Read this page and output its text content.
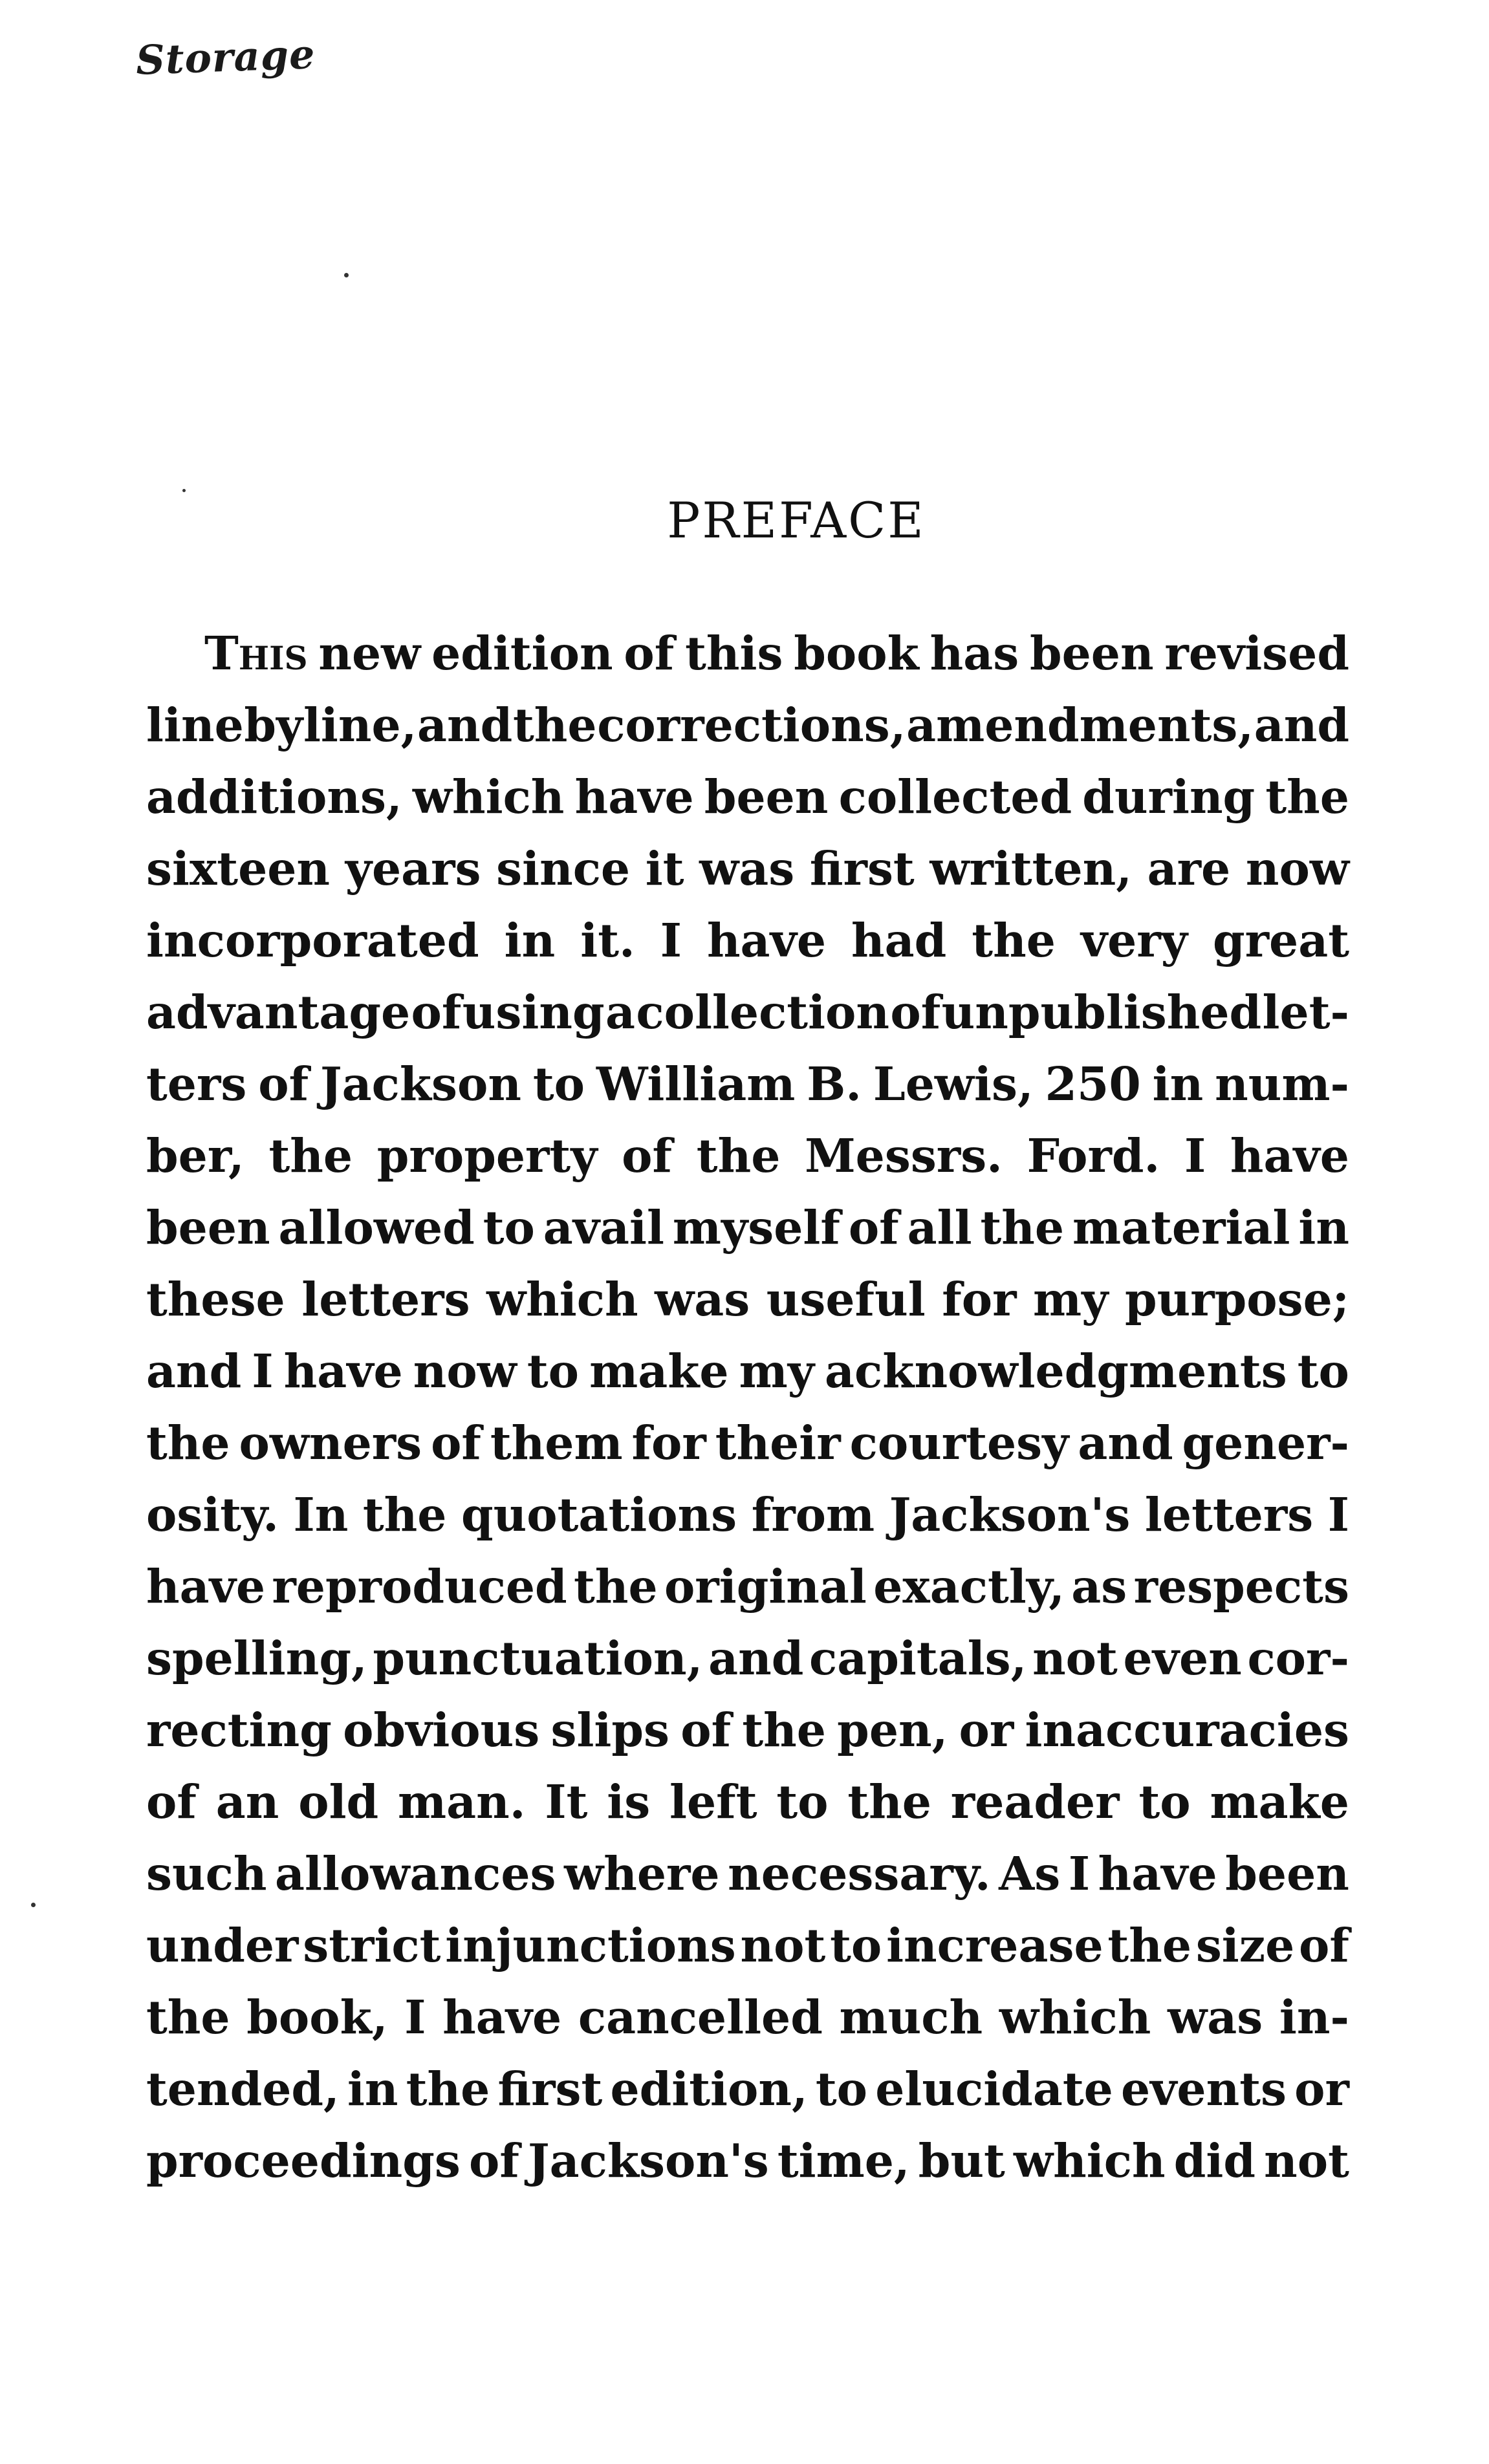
Storage
PREFACE
This new edition of this book has been revised
line by line, and the corrections, amendments, and
additions, which have been collected during the
sixteen years since it was first written, are now
incorporated in it. I have had the very great
advantage of using a collection of unpublished let-
ters of Jackson to William B. Lewis, 250 in num-
ber, the property of the Messrs. Ford. I have
been allowed to avail myself of all the material in
these letters which was useful for my purpose;
and I have now to make my acknowledgments to
the owners of them for their courtesy and gener-
osity. In the quotations from Jackson's letters I
have reproduced the original exactly, as respects
spelling, punctuation, and capitals, not even cor-
recting obvious slips of the pen, or inaccuracies
of an old man. It is left to the reader to make
such allowances where necessary. As I have been
under strict injunctions not to increase the size of
the book, I have cancelled much which was in-
tended, in the first edition, to elucidate events or
proceedings of Jackson's time, but which did not
